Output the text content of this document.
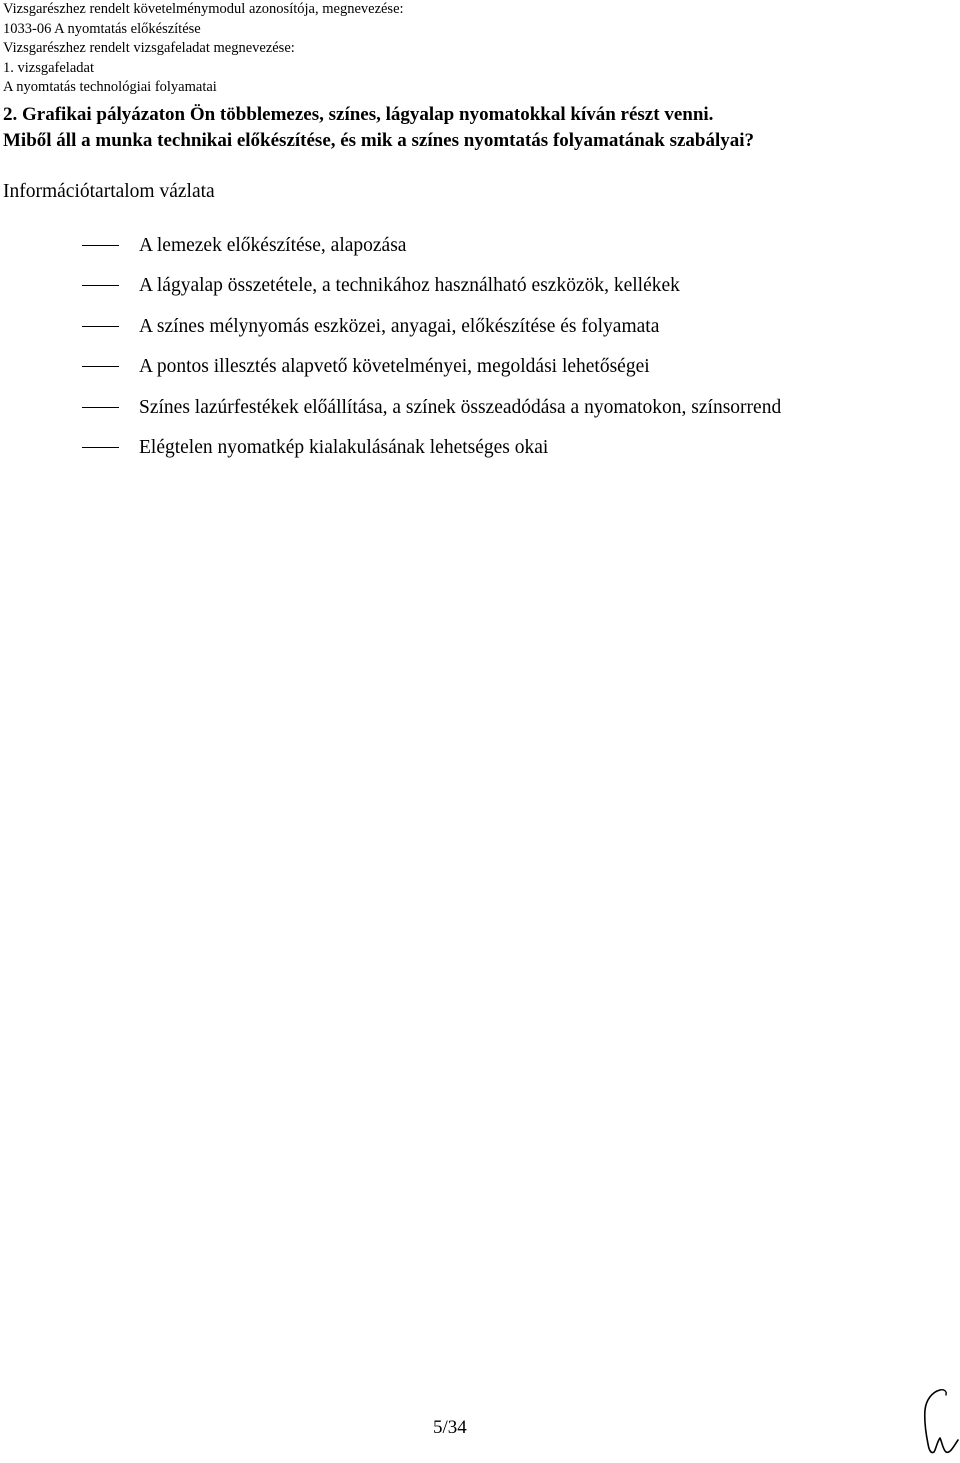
Vizsgarészhez rendelt követelménymodul azonosítója, megnevezése:
1033-06 A nyomtatás előkészítése
Vizsgarészhez rendelt vizsgafeladat megnevezése:
1. vizsgafeladat
A nyomtatás technológiai folyamatai
2. Grafikai pályázaton Ön többlemezes, színes, lágyalap nyomatokkal kíván részt venni.
Miből áll a munka technikai előkészítése, és mik a színes nyomtatás folyamatának szabályai?
Információtartalom vázlata
A lemezek előkészítése, alapozása
A lágyalap összetétele, a technikához használható eszközök, kellékek
A színes mélynyomás eszközei, anyagai, előkészítése és folyamata
A pontos illesztés alapvető követelményei, megoldási lehetőségei
Színes lazúrfestékek előállítása, a színek összeadódása a nyomatokon, színsorrend
Elégtelen nyomatkép kialakulásának lehetséges okai
5/34
